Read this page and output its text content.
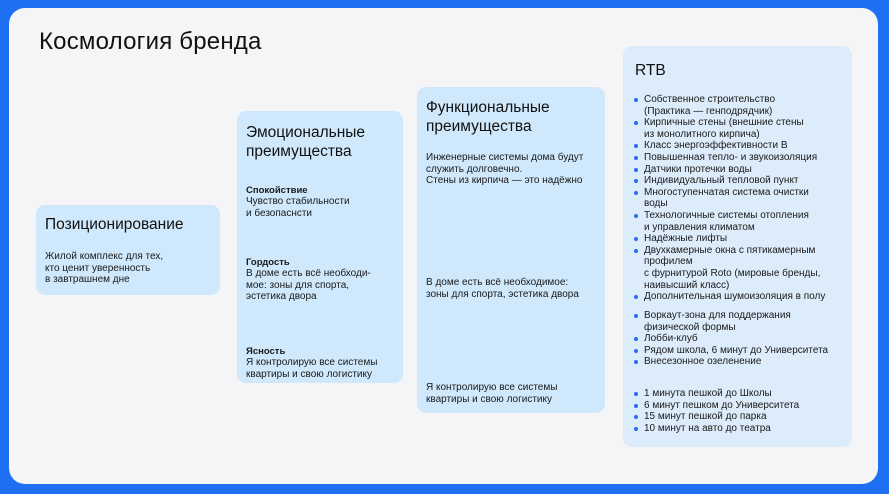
Космология бренда
Позиционирование
Жилой комплекс для тех,
кто ценит уверенность
в завтрашнем дне
Эмоциональные
преимущества
Спокойствие
Чувство стабильности
и безопаснсти
Гордость
В доме есть всё необходи-
мое: зоны для спорта,
эстетика двора
Ясность
Я контролирую все системы
квартиры и свою логистику
Функциональные
преимущества
Инженерные системы дома будут
служить долговечно.
Стены из кирпича — это надёжно
В доме есть всё необходимое:
зоны для спорта, эстетика двора
Я контролирую все системы
квартиры и свою логистику
RTB
Собственное строительство
(Практика — генподрядчик)
Кирпичные стены (внешние стены
из монолитного кирпича)
Класс энергоэффективности В
Повышенная тепло- и звукоизоляция
Датчики протечки воды
Индивидуальный тепловой пункт
Многоступенчатая система очистки
воды
Технологичные системы отопления
и управления климатом
Надёжные лифты
Двухкамерные окна с пятикамерным
профилем
с фурнитурой Roto (мировые бренды,
наивысший класс)
Дополнительная шумоизоляция в полу
Воркаут-зона для поддержания
физической формы
Лобби-клуб
Рядом школа, 6 минут до Университета
Внесезонное озеленение
1 минута пешкой до Школы
6 минут пешком до Университета
15 минут пешкой до парка
10 минут на авто до театра
